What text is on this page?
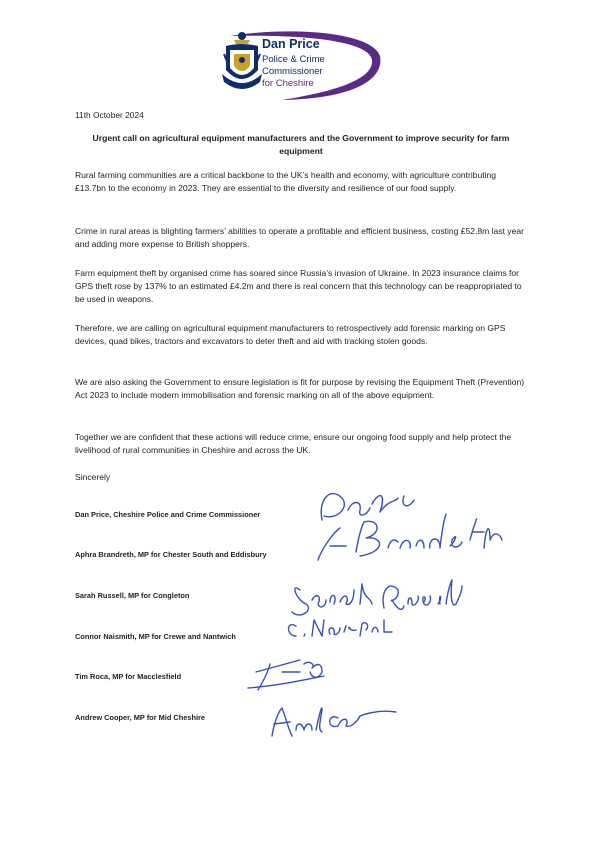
Dan Price
Police & Crime
Commissioner
for Cheshire
11th October 2024
Urgent call on agricultural equipment manufacturers and the Government to improve security for farm equipment
Rural farming communities are a critical backbone to the UK’s health and economy, with agriculture contributing £13.7bn to the economy in 2023. They are essential to the diversity and resilience of our food supply.
Crime in rural areas is blighting farmers’ abilities to operate a profitable and efficient business, costing £52.8m last year and adding more expense to British shoppers.
Farm equipment theft by organised crime has soared since Russia’s invasion of Ukraine. In 2023 insurance claims for GPS theft rose by 137% to an estimated £4.2m and there is real concern that this technology can be reappropriated to be used in weapons.
Therefore, we are calling on agricultural equipment manufacturers to retrospectively add forensic marking on GPS devices, quad bikes, tractors and excavators to deter theft and aid with tracking stolen goods.
We are also asking the Government to ensure legislation is fit for purpose by revising the Equipment Theft (Prevention) Act 2023 to include modern immobilisation and forensic marking on all of the above equipment.
Together we are confident that these actions will reduce crime, ensure our ongoing food supply and help protect the livelihood of rural communities in Cheshire and across the UK.
Sincerely
Dan Price, Cheshire Police and Crime Commissioner
Aphra Brandreth, MP for Chester South and Eddisbury
Sarah Russell, MP for Congleton
Connor Naismith, MP for Crewe and Nantwich
Tim Roca, MP for Macclesfield
Andrew Cooper, MP for Mid Cheshire
